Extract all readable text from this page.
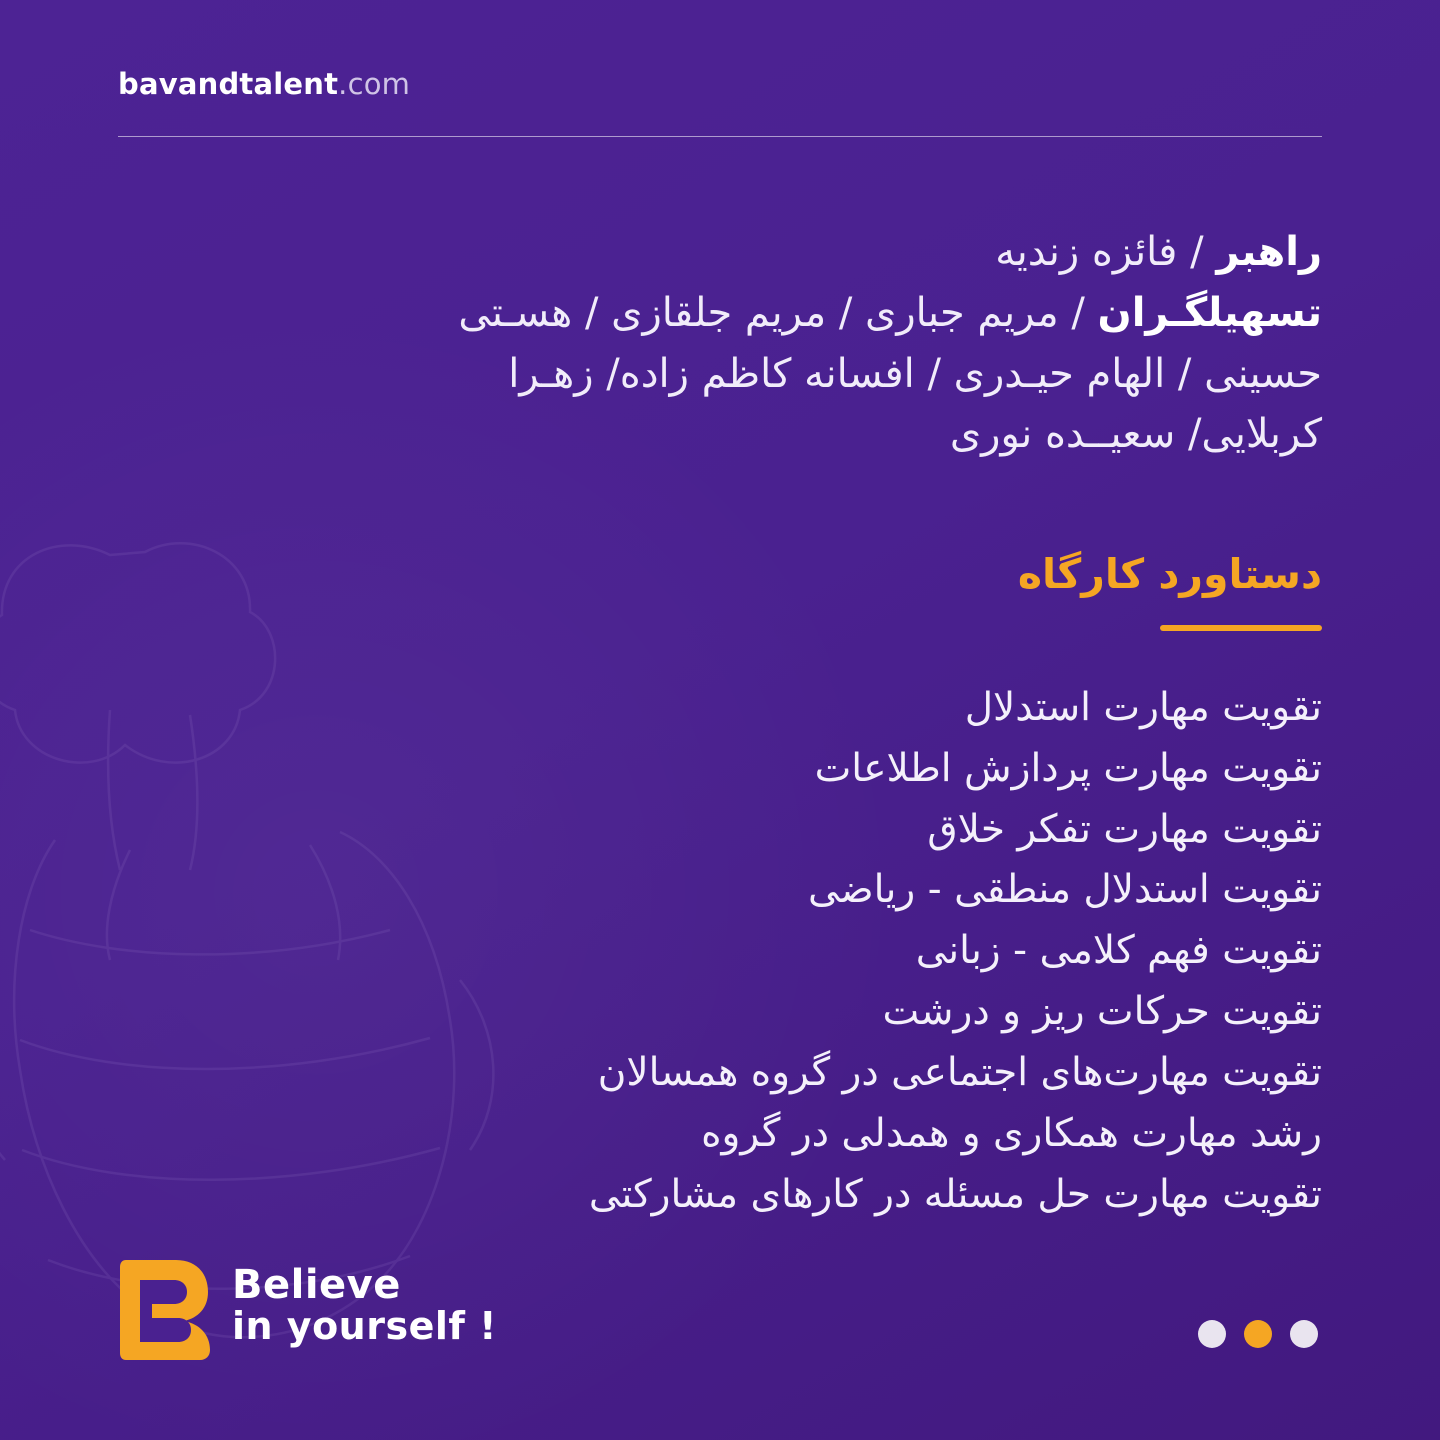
bavandtalent.com
راهبر / فائزه زندیه
تسهیلگـران / مریم جباری / مریم جلقازی / هسـتی حسینی / الهام حیـدری / افسانه کاظم زاده/ زهـرا کربلایی/ سعیــده نوری
دستاورد کارگاه
تقویت مهارت استدلال
تقویت مهارت پردازش اطلاعات
تقویت مهارت تفکر خلاق
تقویت استدلال منطقی - ریاضی
تقویت فهم کلامی - زبانی
تقویت حرکات ریز و درشت
تقویت مهارت‌های اجتماعی در گروه همسالان
رشد مهارت همکاری و همدلی در گروه
تقویت مهارت حل مسئله در کارهای مشارکتی
Believe
in yourself !
